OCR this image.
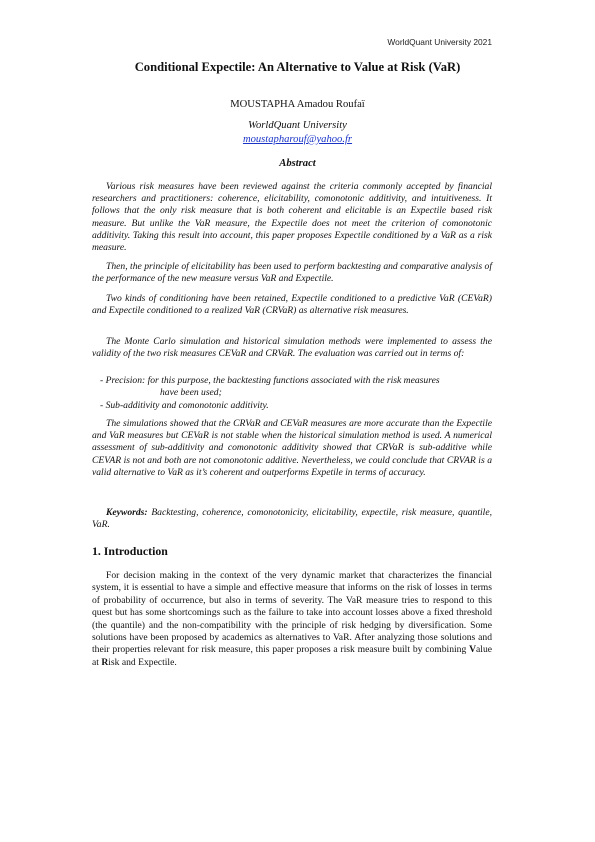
WorldQuant University 2021
Conditional Expectile: An Alternative to Value at Risk (VaR)
MOUSTAPHA Amadou Roufaï
WorldQuant University
moustapharouf@yahoo.fr
Abstract
Various risk measures have been reviewed against the criteria commonly accepted by financial researchers and practitioners: coherence, elicitability, comonotonic additivity, and intuitiveness. It follows that the only risk measure that is both coherent and elicitable is an Expectile based risk measure. But unlike the VaR measure, the Expectile does not meet the criterion of comonotonic additivity. Taking this result into account, this paper proposes Expectile conditioned by a VaR as a risk measure.
Then, the principle of elicitability has been used to perform backtesting and comparative analysis of the performance of the new measure versus VaR and Expectile.
Two kinds of conditioning have been retained, Expectile conditioned to a predictive VaR (CEVaR) and Expectile conditioned to a realized VaR (CRVaR) as alternative risk measures.
The Monte Carlo simulation and historical simulation methods were implemented to assess the validity of the two risk measures CEVaR and CRVaR. The evaluation was carried out in terms of:
- Precision: for this purpose, the backtesting functions associated with the risk measures
have been used;
- Sub-additivity and comonotonic additivity.
The simulations showed that the CRVaR and CEVaR measures are more accurate than the Expectile and VaR measures but CEVaR is not stable when the historical simulation method is used. A numerical assessment of sub-additivity and comonotonic additivity showed that CRVaR is sub-additive while CEVAR is not and both are not comonotonic additive. Nevertheless, we could conclude that CRVAR is a valid alternative to VaR as it’s coherent and outperforms Expetile in terms of accuracy.
Keywords: Backtesting, coherence, comonotonicity, elicitability, expectile, risk measure, quantile, VaR.
1. Introduction
For decision making in the context of the very dynamic market that characterizes the financial system, it is essential to have a simple and effective measure that informs on the risk of losses in terms of probability of occurrence, but also in terms of severity. The VaR measure tries to respond to this quest but has some shortcomings such as the failure to take into account losses above a fixed threshold (the quantile) and the non-compatibility with the principle of risk hedging by diversification. Some solutions have been proposed by academics as alternatives to VaR. After analyzing those solutions and their properties relevant for risk measure, this paper proposes a risk measure built by combining Value at Risk and Expectile.
